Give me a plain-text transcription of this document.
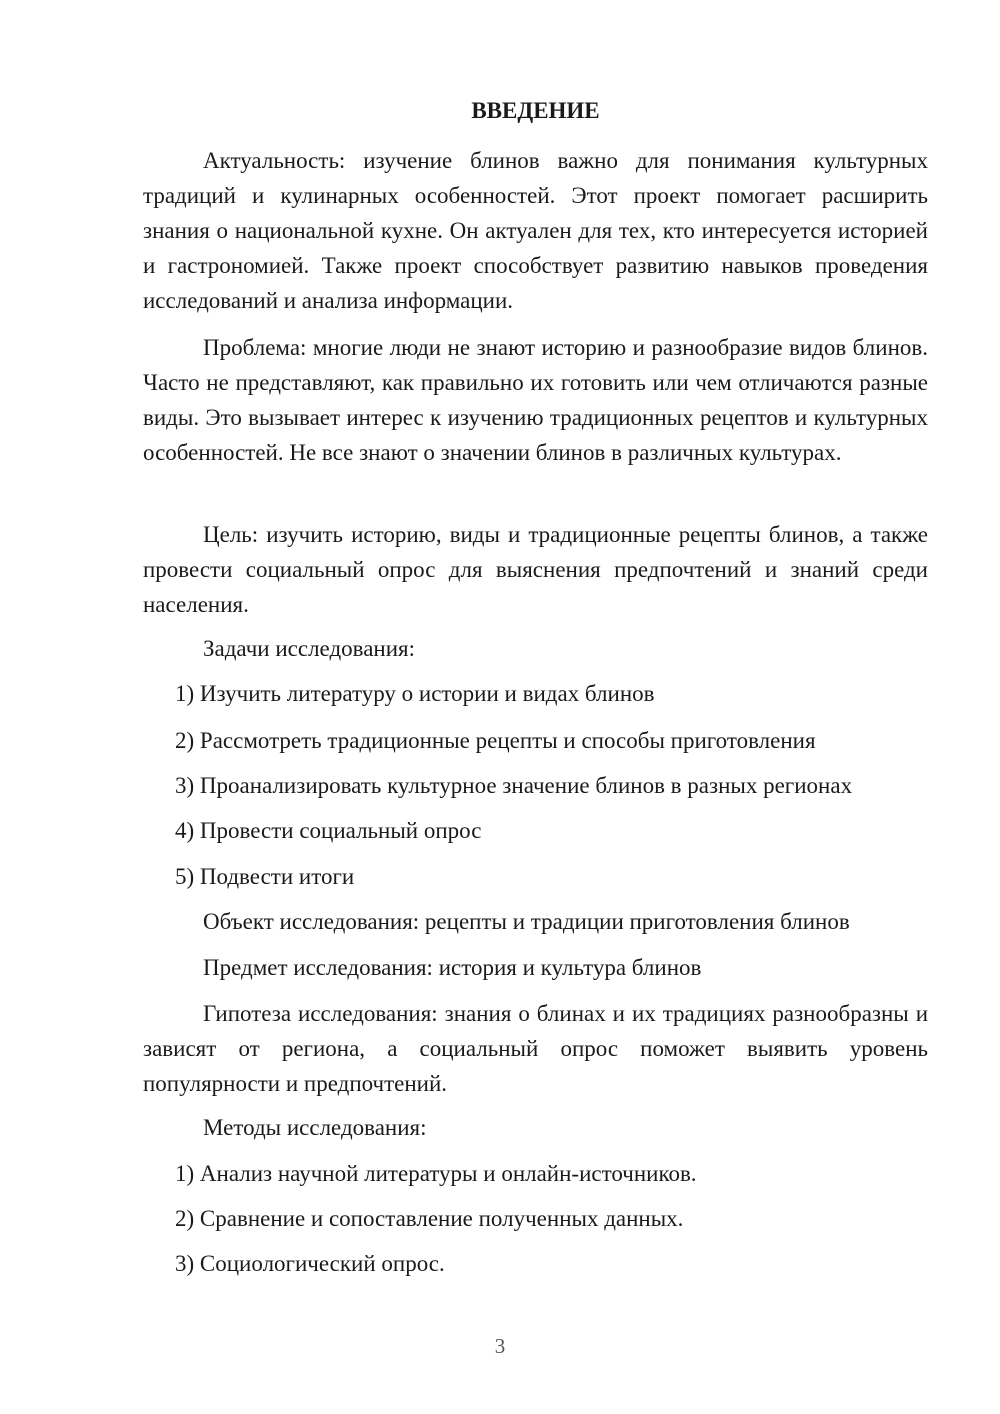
ВВЕДЕНИЕ

Актуальность: изучение блинов важно для понимания культурных традиций и кулинарных особенностей. Этот проект помогает расширить знания о национальной кухне. Он актуален для тех, кто интересуется историей и гастрономией. Также проект способствует развитию навыков проведения исследований и анализа информации.

Проблема: многие люди не знают историю и разнообразие видов блинов. Часто не представляют, как правильно их готовить или чем отличаются разные виды. Это вызывает интерес к изучению традиционных рецептов и культурных особенностей. Не все знают о значении блинов в различных культурах.

Цель: изучить историю, виды и традиционные рецепты блинов, а также провести социальный опрос для выяснения предпочтений и знаний среди населения.

Задачи исследования:
1) Изучить литературу о истории и видах блинов
2) Рассмотреть традиционные рецепты и способы приготовления
3) Проанализировать культурное значение блинов в разных регионах
4) Провести социальный опрос
5) Подвести итоги
Объект исследования: рецепты и традиции приготовления блинов
Предмет исследования: история и культура блинов

Гипотеза исследования: знания о блинах и их традициях разнообразны и зависят от региона, а социальный опрос поможет выявить уровень популярности и предпочтений.

Методы исследования:
1) Анализ научной литературы и онлайн-источников.
2) Сравнение и сопоставление полученных данных.
3) Социологический опрос.
3
